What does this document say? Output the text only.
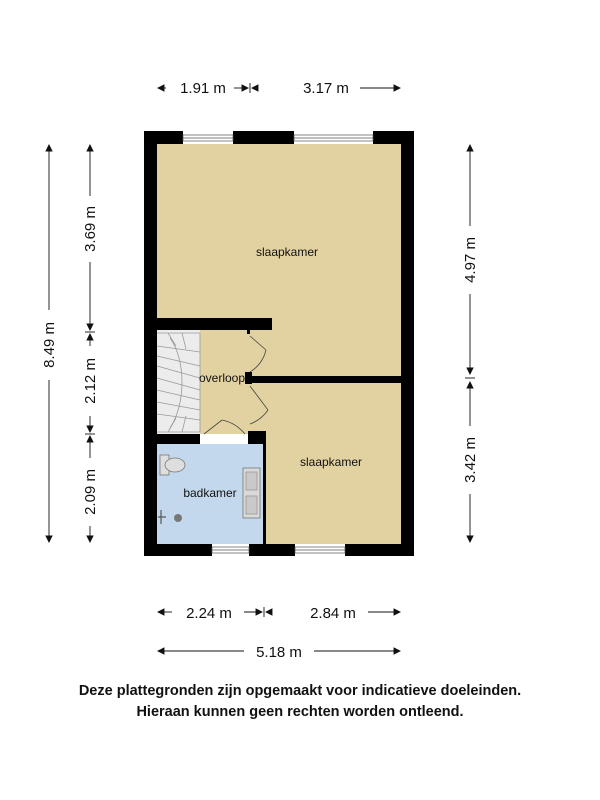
slaapkamer
overloop
slaapkamer
badkamer
1.91 m	3.17 m
8.49 m
3.69 m
2.12 m
2.09 m
4.97 m
3.42 m
2.24 m	2.84 m
5.18 m
Deze plattegronden zijn opgemaakt voor indicatieve doeleinden.
Hieraan kunnen geen rechten worden ontleend.
